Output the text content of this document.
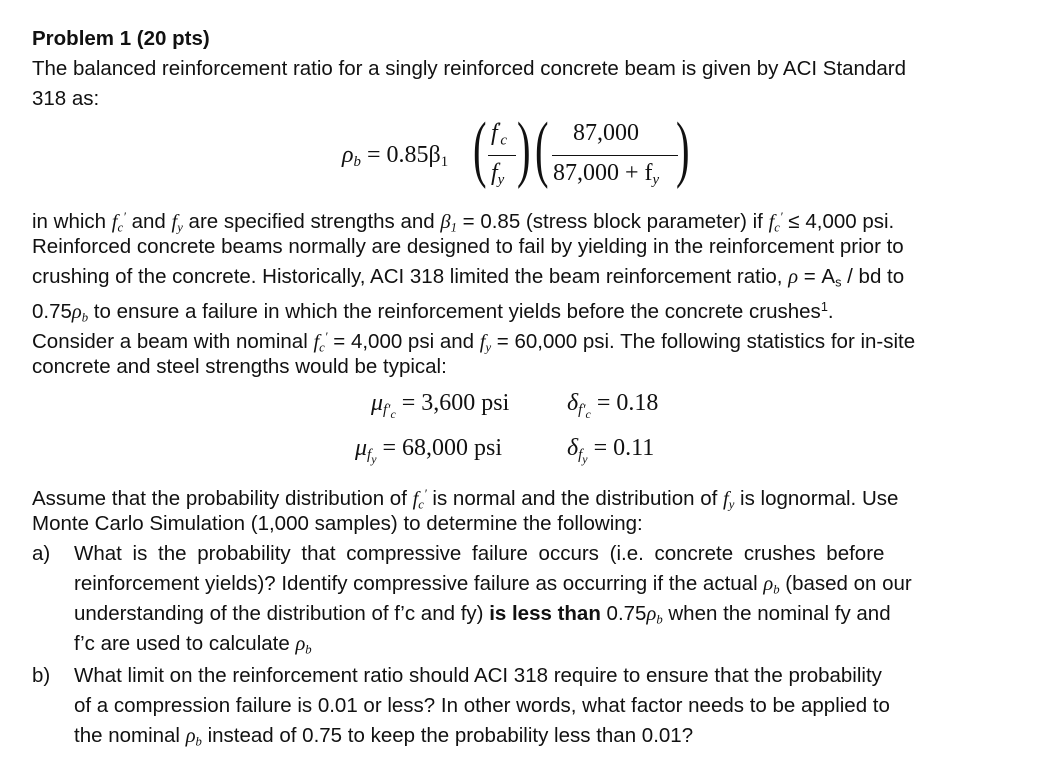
Problem 1 (20 pts)
The balanced reinforcement ratio for a singly reinforced concrete beam is given by ACI Standard
318 as:
$\rho_b = 0.85\beta_1$ ( $f'_c$
$f_y$ ) ( 87,000
$87,000 + f_y$ )
in which $f_c'$ and $f_y$ are specified strengths and $\beta_1 = 0.85$ (stress block parameter) if $f_c' \le 4,000$ psi.
Reinforced concrete beams normally are designed to fail by yielding in the reinforcement prior to
crushing of the concrete. Historically, ACI 318 limited the beam reinforcement ratio, $\rho = A_s$ / bd to
$0.75\rho_b$ to ensure a failure in which the reinforcement yields before the concrete crushes$^1$.
Consider a beam with nominal $f_c' = 4,000$ psi and $f_y = 60,000$ psi. The following statistics for in-site
concrete and steel strengths would be typical:
$\mu_{f'_c} = 3,600$ psi $\delta_{f'_c} = 0.18$
$\mu_{f_y} = 68,000$ psi	$\delta_{f_y} = 0.11$
Assume that the probability distribution of $f_c'$ is normal and the distribution of $f_y$ is lognormal. Use
Monte Carlo Simulation (1,000 samples) to determine the following:
a) What is the probability that compressive failure occurs (i.e. concrete crushes before
reinforcement yields)? Identify compressive failure as occurring if the actual $\rho_b$ (based on our
understanding of the distribution of f’c and fy) is less than $0.75\rho_b$ when the nominal fy and
f’c are used to calculate $\rho_b$
b) What limit on the reinforcement ratio should ACI 318 require to ensure that the probability
of a compression failure is 0.01 or less? In other words, what factor needs to be applied to
the nominal $\rho_b$ instead of 0.75 to keep the probability less than 0.01?
